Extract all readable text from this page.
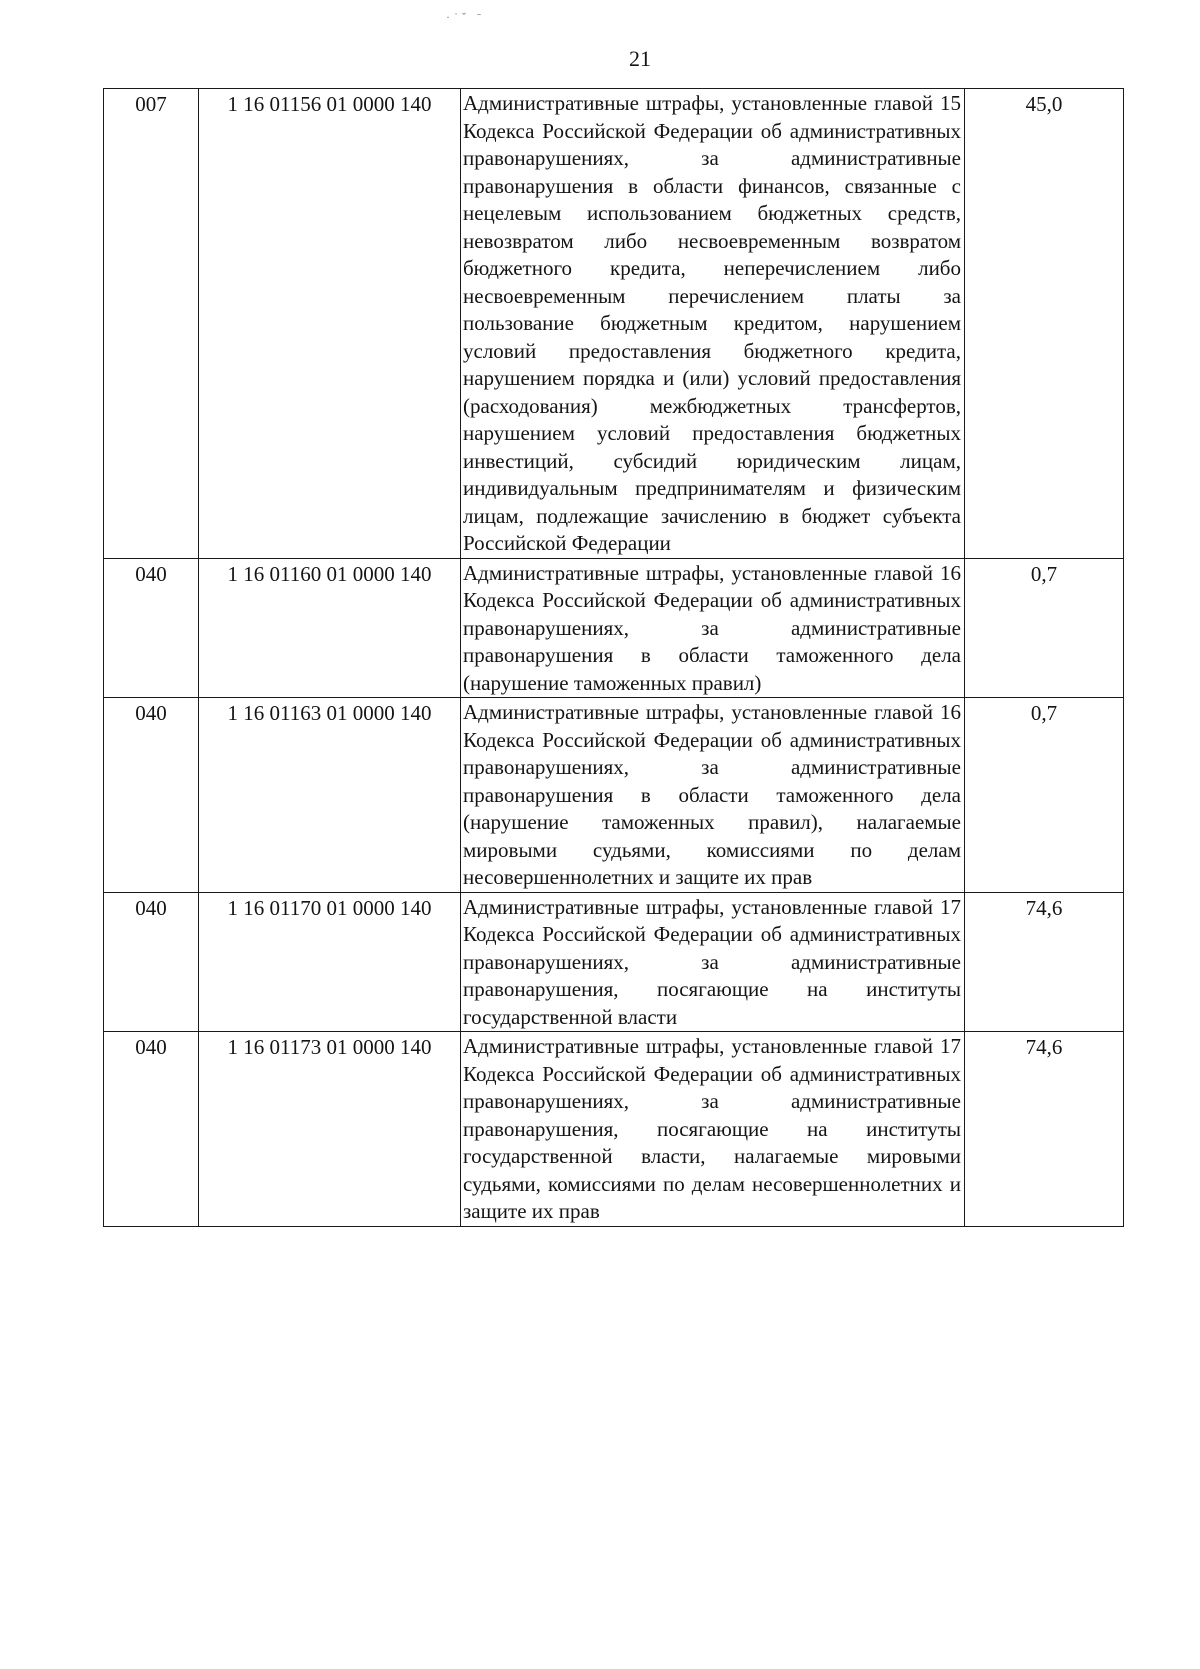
·˙ˇ ˉ
21
007	1 16 01156 01 0000 140	Административные штрафы, установленные главой 15 Кодекса Российской Федерации об административных правонарушениях, за административные правонарушения в области финансов, связанные с нецелевым использованием бюджетных средств, невозвратом либо несвоевременным возвратом бюджетного кредита, неперечислением либо несвоевременным перечислением платы за пользование бюджетным кредитом, нарушением условий предоставления бюджетного кредита, нарушением порядка и (или) условий предоставления (расходования) межбюджетных трансфертов, нарушением условий предоставления бюджетных инвестиций, субсидий юридическим лицам, индивидуальным предпринимателям и физическим лицам, подлежащие зачислению в бюджет субъекта Российской Федерации	45,0
040	1 16 01160 01 0000 140	Административные штрафы, установленные главой 16 Кодекса Российской Федерации об административных правонарушениях, за административные правонарушения в области таможенного дела (нарушение таможенных правил)	0,7
040	1 16 01163 01 0000 140	Административные штрафы, установленные главой 16 Кодекса Российской Федерации об административных правонарушениях, за административные правонарушения в области таможенного дела (нарушение таможенных правил), налагаемые мировыми судьями, комиссиями по делам несовершеннолетних и защите их прав	0,7
040	1 16 01170 01 0000 140	Административные штрафы, установленные главой 17 Кодекса Российской Федерации об административных правонарушениях, за административные правонарушения, посягающие на институты государственной власти	74,6
040	1 16 01173 01 0000 140	Административные штрафы, установленные главой 17 Кодекса Российской Федерации об административных правонарушениях, за административные правонарушения, посягающие на институты государственной власти, налагаемые мировыми судьями, комиссиями по делам несовершеннолетних и защите их прав	74,6
